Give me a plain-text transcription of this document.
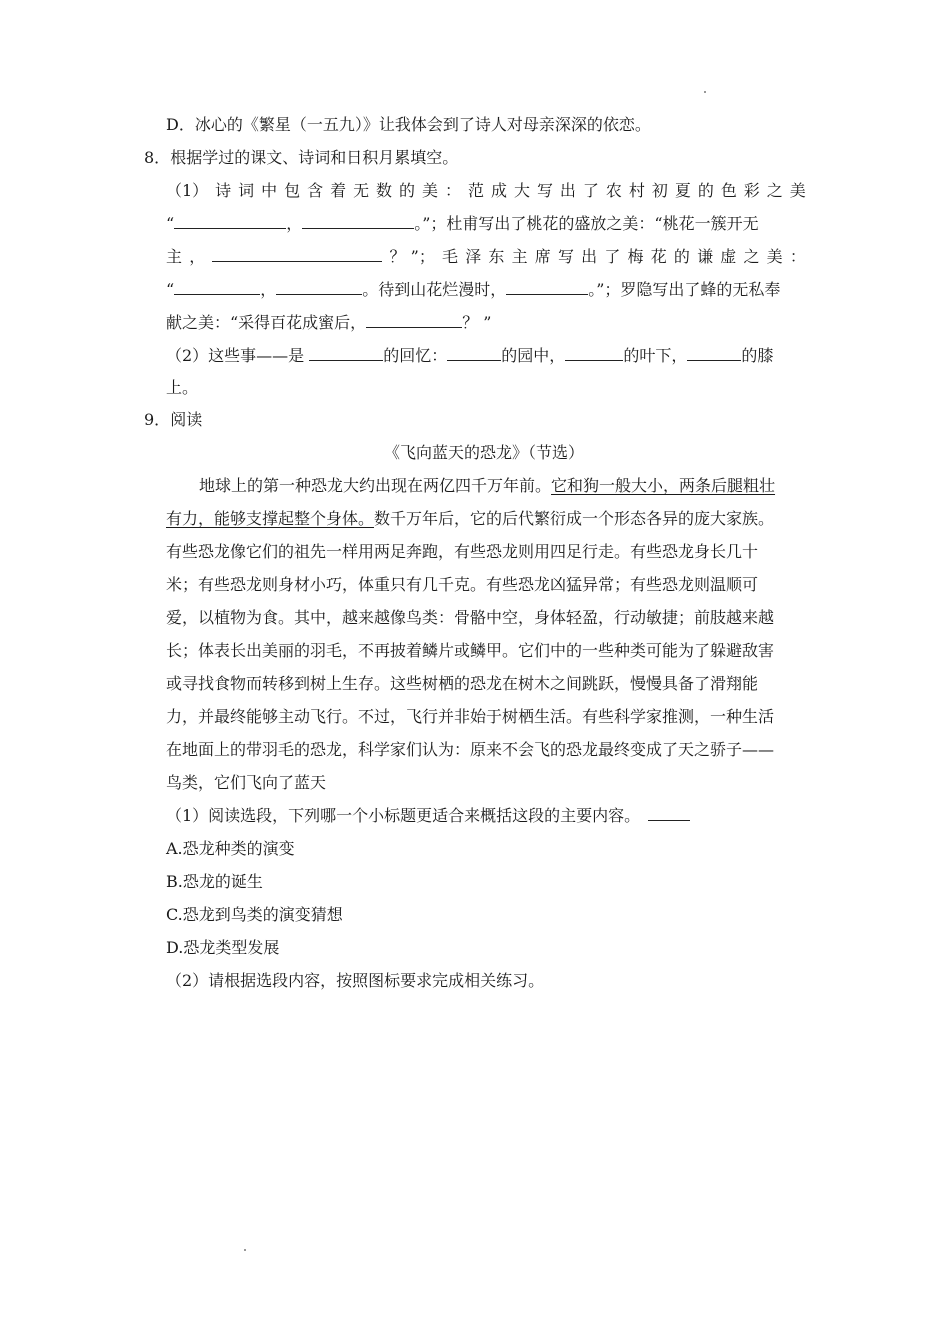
D．冰心的《繁星（一五九）》让我体会到了诗人对母亲深深的依恋。
8．根据学过的课文、诗词和日积月累填空。
（1） 诗 词 中 包 含 着 无 数 的 美 ： 范 成 大 写 出 了 农 村 初 夏 的 色 彩 之 美
“	，	。”；杜甫写出了桃花的盛放之美：“桃花一簇开无
主 ，	？ ”； 毛 泽 东 主 席 写 出 了 梅 花 的 谦 虚 之 美 ：
“	，	。待到山花烂漫时，	。”；罗隐写出了蜂的无私奉
献之美：“采得百花成蜜后，	？ ”
（2）这些事——是	的回忆：	的园中，	的叶下，	的膝
上。
9．阅读
《飞向蓝天的恐龙》（节选）
地球上的第一种恐龙大约出现在两亿四千万年前。它和狗一般大小，两条后腿粗壮
有力，能够支撑起整个身体。数千万年后，它的后代繁衍成一个形态各异的庞大家族。
有些恐龙像它们的祖先一样用两足奔跑，有些恐龙则用四足行走。有些恐龙身长几十
米；有些恐龙则身材小巧，体重只有几千克。有些恐龙凶猛异常；有些恐龙则温顺可
爱，以植物为食。其中，越来越像鸟类：骨骼中空，身体轻盈，行动敏捷；前肢越来越
长；体表长出美丽的羽毛，不再披着鳞片或鳞甲。它们中的一些种类可能为了躲避敌害
或寻找食物而转移到树上生存。这些树栖的恐龙在树木之间跳跃，慢慢具备了滑翔能
力，并最终能够主动飞行。不过，飞行并非始于树栖生活。有些科学家推测，一种生活
在地面上的带羽毛的恐龙，科学家们认为：原来不会飞的恐龙最终变成了天之骄子——
鸟类，它们飞向了蓝天
（1）阅读选段，下列哪一个小标题更适合来概括这段的主要内容。
A.恐龙种类的演变
B.恐龙的诞生
C.恐龙到鸟类的演变猜想
D.恐龙类型发展
（2）请根据选段内容，按照图标要求完成相关练习。
